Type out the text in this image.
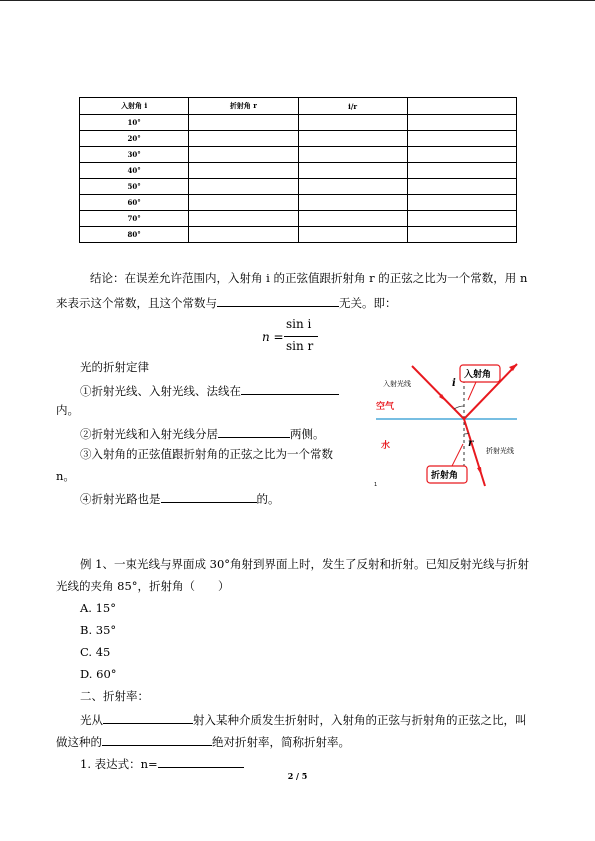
入射角 i	折射角 r	i/r	
10°			
20°			
30°			
40°			
50°			
60°			
70°			
80°			
结论：在误差允许范围内，入射角 i 的正弦值跟折射角 r 的正弦之比为一个常数，用 n
来表示这个常数，且这个常数与	无关。即：
n =
sin i
sin r
光的折射定律
①折射光线、入射光线、法线在
内。
②折射光线和入射光线分居	两侧。
③入射角的正弦值跟折射角的正弦之比为一个常数
n。
④折射光路也是	的。
入射光线	i
入射角
空气
水	折射光线
r
折射角
1
例 1、一束光线与界面成 30°角射到界面上时，发生了反射和折射。已知反射光线与折射
光线的夹角 85°，折射角（　　）
A. 15°
B. 35°
C. 45
D. 60°
二、折射率：
光从	射入某种介质发生折射时，入射角的正弦与折射角的正弦之比，叫
做这种的	绝对折射率，简称折射率。
1. 表达式：n=
2 / 5
